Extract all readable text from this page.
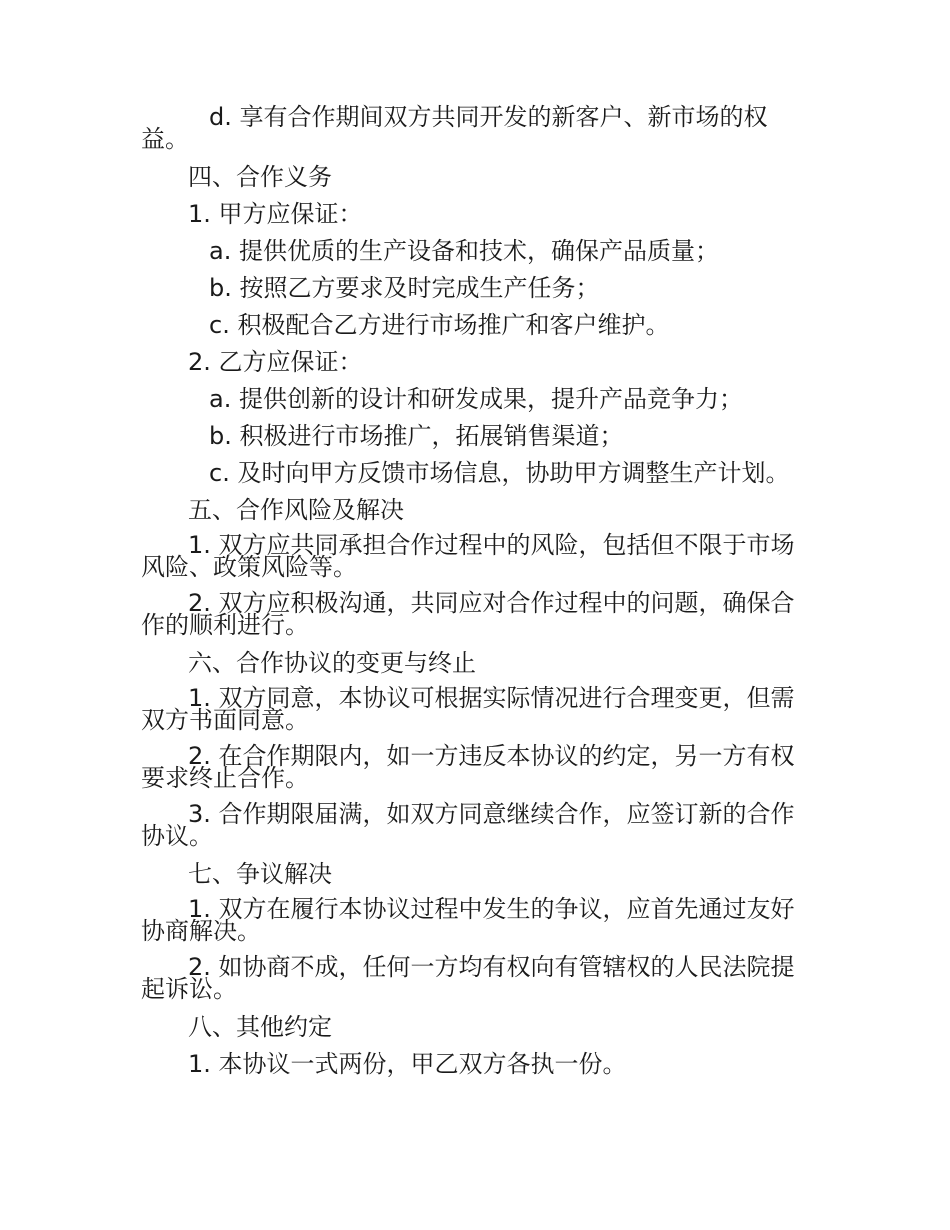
d. 享有合作期间双方共同开发的新客户、新市场的权益。

四、合作义务

1. 甲方应保证：

a. 提供优质的生产设备和技术，确保产品质量；

b. 按照乙方要求及时完成生产任务；

c. 积极配合乙方进行市场推广和客户维护。

2. 乙方应保证：

a. 提供创新的设计和研发成果，提升产品竞争力；

b. 积极进行市场推广，拓展销售渠道；

c. 及时向甲方反馈市场信息，协助甲方调整生产计划。

五、合作风险及解决

1. 双方应共同承担合作过程中的风险，包括但不限于市场风险、政策风险等。

2. 双方应积极沟通，共同应对合作过程中的问题，确保合作的顺利进行。

六、合作协议的变更与终止

1. 双方同意，本协议可根据实际情况进行合理变更，但需双方书面同意。

2. 在合作期限内，如一方违反本协议的约定，另一方有权要求终止合作。

3. 合作期限届满，如双方同意继续合作，应签订新的合作协议。

七、争议解决

1. 双方在履行本协议过程中发生的争议，应首先通过友好协商解决。

2. 如协商不成，任何一方均有权向有管辖权的人民法院提起诉讼。

八、其他约定

1. 本协议一式两份，甲乙双方各执一份。
